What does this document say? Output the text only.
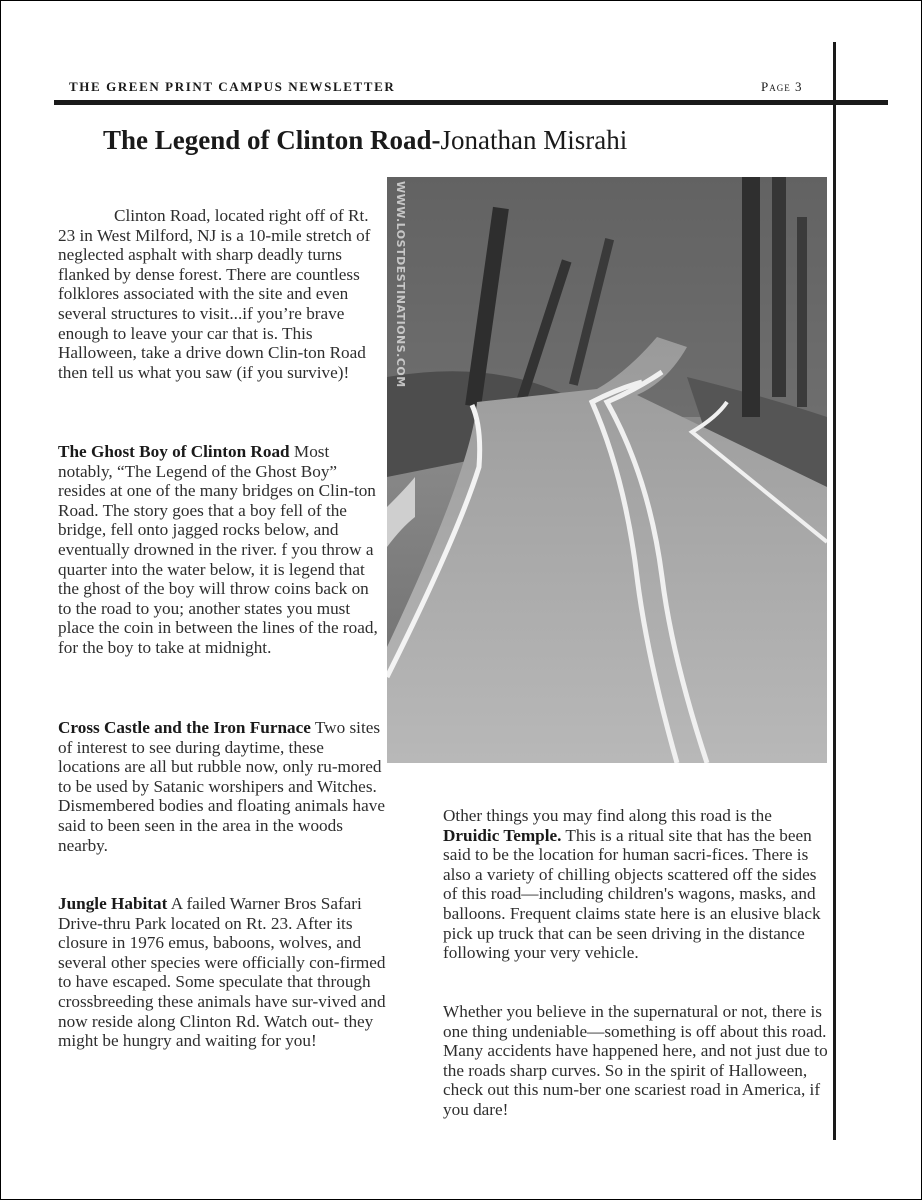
THE GREEN PRINT CAMPUS NEWSLETTER	Page 3
The Legend of Clinton Road-Jonathan Misrahi

Clinton Road, located right off of Rt. 23 in West Milford, NJ is a 10-mile stretch of neglected asphalt with sharp deadly turns flanked by dense forest. There are countless folklores associated with the site and even several structures to visit...if you’re brave enough to leave your car that is. This Halloween, take a drive down Clin-ton Road then tell us what you saw (if you survive)!

The Ghost Boy of Clinton Road Most notably, “The Legend of the Ghost Boy” resides at one of the many bridges on Clin-ton Road. The story goes that a boy fell of the bridge, fell onto jagged rocks below, and eventually drowned in the river. f you throw a quarter into the water below, it is legend that the ghost of the boy will throw coins back on to the road to you; another states you must place the coin in between the lines of the road, for the boy to take at midnight.

Cross Castle and the Iron Furnace Two sites of interest to see during daytime, these locations are all but rubble now, only ru-mored to be used by Satanic worshipers and Witches. Dismembered bodies and floating animals have said to been seen in the area in the woods nearby.

Jungle Habitat A failed Warner Bros Safari Drive-thru Park located on Rt. 23. After its closure in 1976 emus, baboons, wolves, and several other species were officially con-firmed to have escaped. Some speculate that through crossbreeding these animals have sur-vived and now reside along Clinton Rd. Watch out- they might be hungry and waiting for you!

WWW.LOSTDESTINATIONS.COM

Other things you may find along this road is the Druidic Temple. This is a ritual site that has the been said to be the location for human sacri-fices. There is also a variety of chilling objects scattered off the sides of this road—including children's wagons, masks, and balloons. Frequent claims state here is an elusive black pick up truck that can be seen driving in the distance following your very vehicle.

Whether you believe in the supernatural or not, there is one thing undeniable—something is off about this road. Many accidents have happened here, and not just due to the roads sharp curves. So in the spirit of Halloween, check out this num-ber one scariest road in America, if you dare!
